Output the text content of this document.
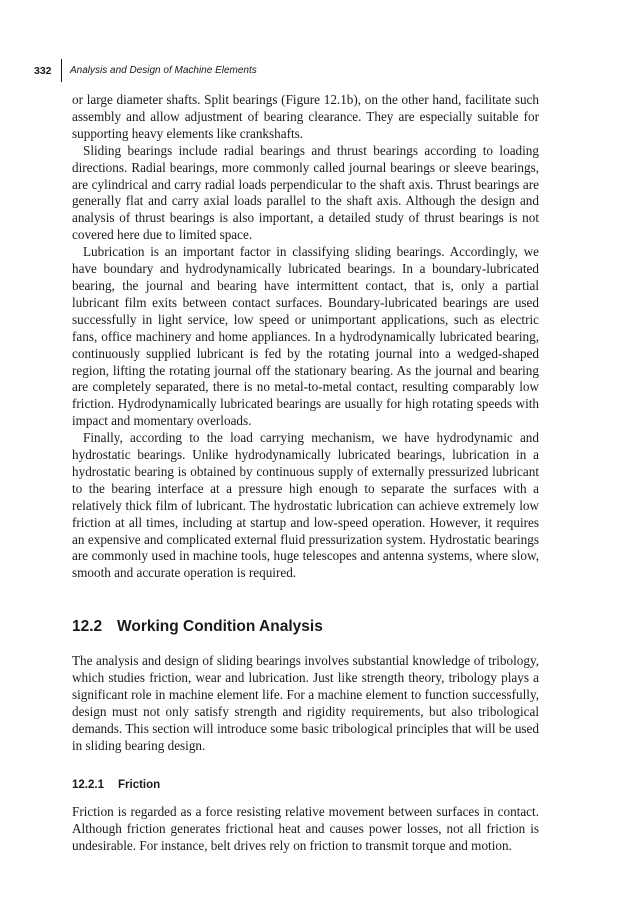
332 Analysis and Design of Machine Elements

or large diameter shafts. Split bearings (Figure 12.1b), on the other hand, facilitate such assembly and allow adjustment of bearing clearance. They are especially suitable for supporting heavy elements like crankshafts.

Sliding bearings include radial bearings and thrust bearings according to loading directions. Radial bearings, more commonly called journal bearings or sleeve bearings, are cylindrical and carry radial loads perpendicular to the shaft axis. Thrust bearings are generally flat and carry axial loads parallel to the shaft axis. Although the design and analysis of thrust bearings is also important, a detailed study of thrust bearings is not covered here due to limited space.

Lubrication is an important factor in classifying sliding bearings. Accordingly, we have boundary and hydrodynamically lubricated bearings. In a boundary-lubricated bearing, the journal and bearing have intermittent contact, that is, only a partial lubricant film exits between contact surfaces. Boundary-lubricated bearings are used successfully in light service, low speed or unimportant applications, such as electric fans, office machinery and home appliances. In a hydrodynamically lubricated bearing, continuously supplied lubricant is fed by the rotating journal into a wedged-shaped region, lifting the rotating journal off the stationary bearing. As the journal and bearing are completely separated, there is no metal-to-metal contact, resulting comparably low friction. Hydrodynamically lubricated bearings are usually for high rotating speeds with impact and momentary overloads.

Finally, according to the load carrying mechanism, we have hydrodynamic and hydrostatic bearings. Unlike hydrodynamically lubricated bearings, lubrication in a hydrostatic bearing is obtained by continuous supply of externally pressurized lubricant to the bearing interface at a pressure high enough to separate the surfaces with a relatively thick film of lubricant. The hydrostatic lubrication can achieve extremely low friction at all times, including at startup and low-speed operation. However, it requires an expensive and complicated external fluid pressurization system. Hydrostatic bearings are commonly used in machine tools, huge telescopes and antenna systems, where slow, smooth and accurate operation is required.

12.2 Working Condition Analysis

The analysis and design of sliding bearings involves substantial knowledge of tribology, which studies friction, wear and lubrication. Just like strength theory, tribology plays a significant role in machine element life. For a machine element to function successfully, design must not only satisfy strength and rigidity requirements, but also tribological demands. This section will introduce some basic tribological principles that will be used in sliding bearing design.

12.2.1 Friction

Friction is regarded as a force resisting relative movement between surfaces in contact. Although friction generates frictional heat and causes power losses, not all friction is undesirable. For instance, belt drives rely on friction to transmit torque and motion.
